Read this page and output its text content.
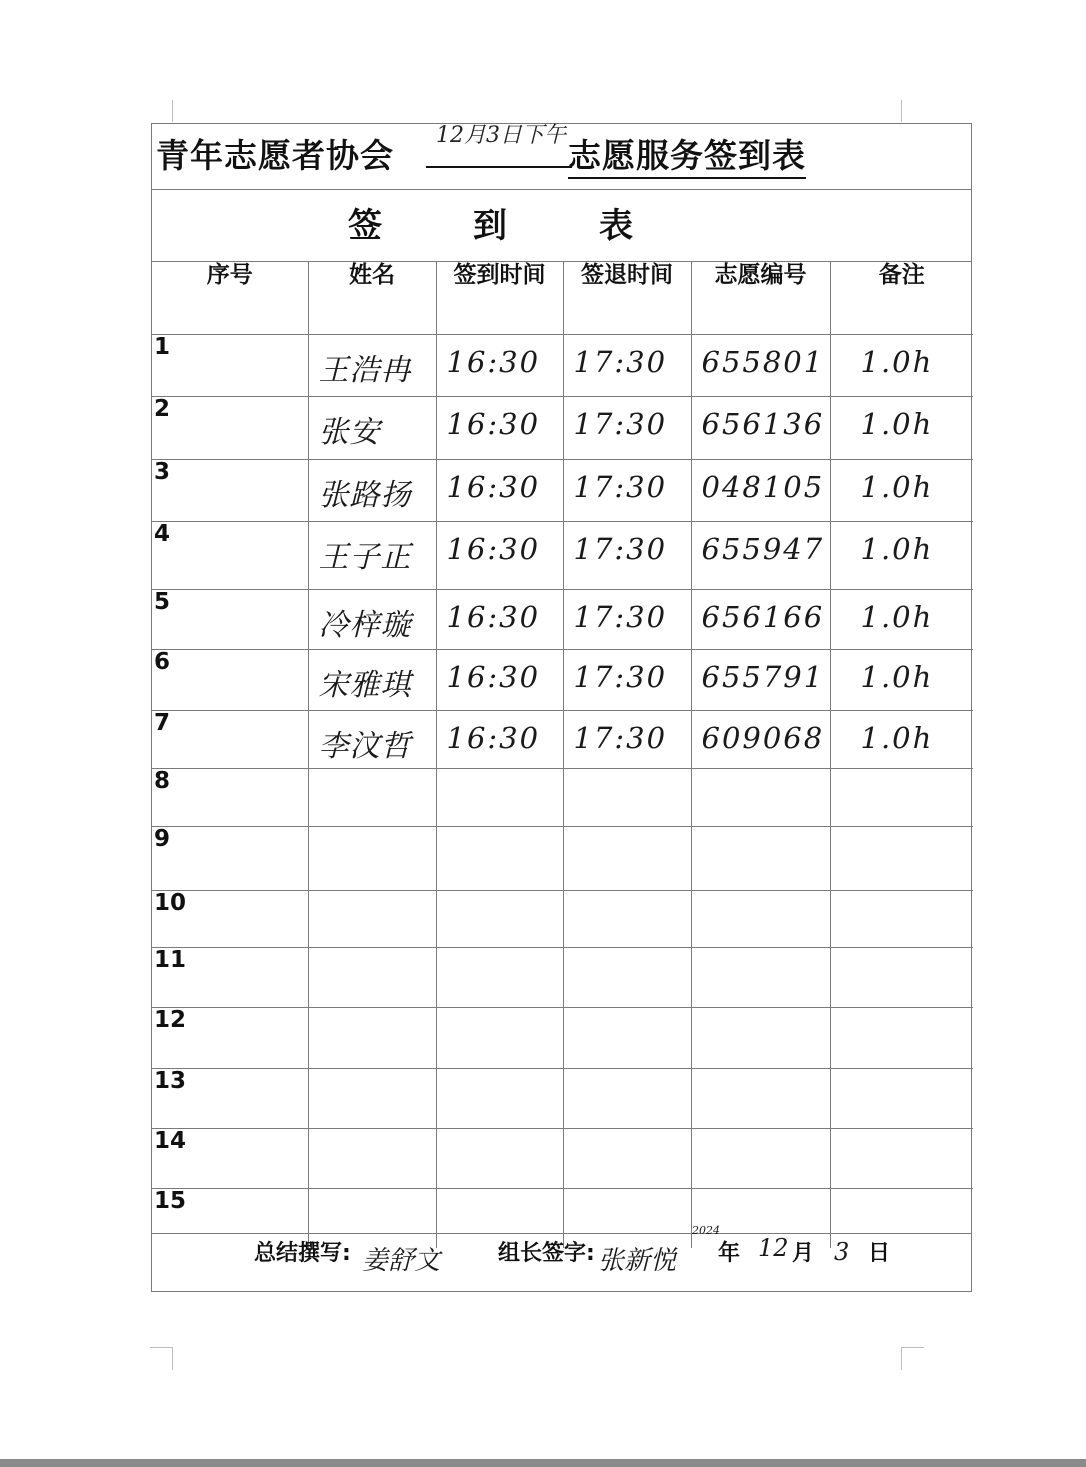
青年志愿者协会
12月3日下午
志愿服务签到表
签	到	表
序号	姓名	签到时间	签退时间	志愿编号	备注

1	王浩冉	16:30	17:30	655801	1.0h

2	张安	16:30	17:30	656136	1.0h

3	张路扬	16:30	17:30	048105	1.0h

4	王子正	16:30	17:30	655947	1.0h

5	冷梓璇	16:30	17:30	656166	1.0h

6	宋雅琪	16:30	17:30	655791	1.0h

7	李汶哲	16:30	17:30	609068	1.0h

8					

9					

10					

11					

12					

13					

14					

15					

总结撰写: 姜舒文	组长签字: 张新悦
2024
年 12 月 3 日
